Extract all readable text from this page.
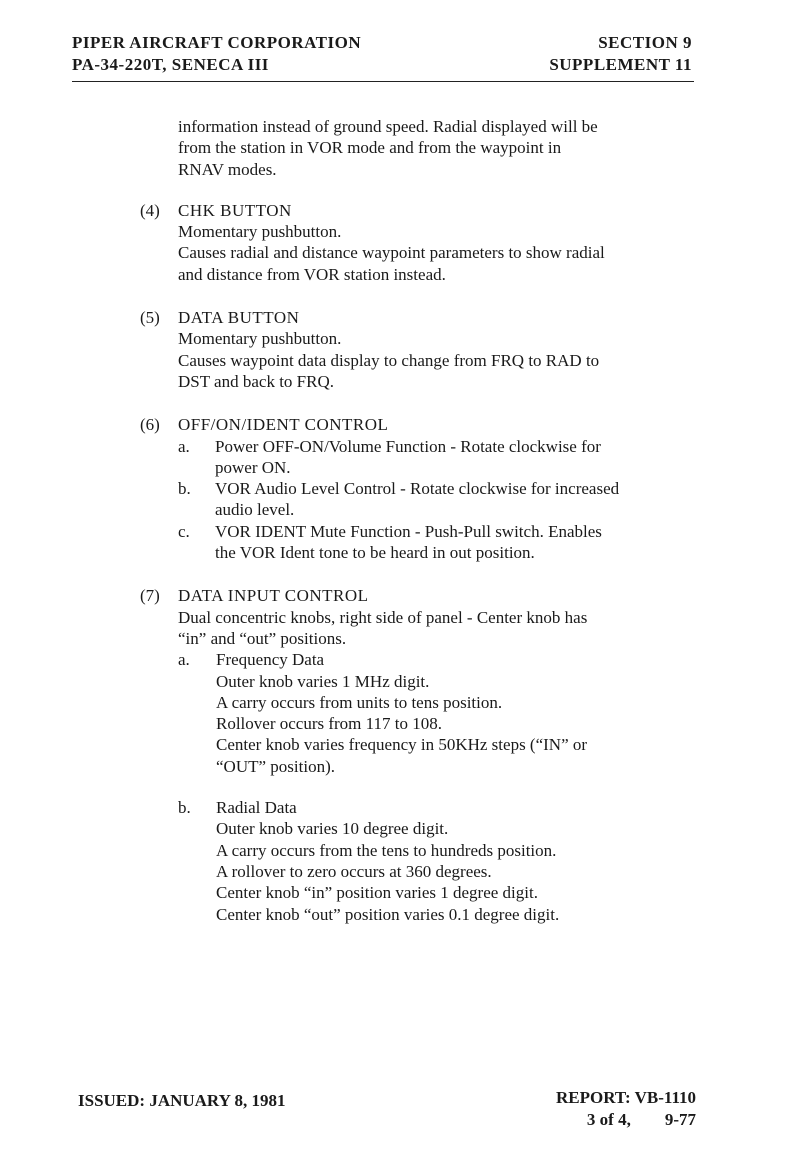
PIPER AIRCRAFT CORPORATION
PA-34-220T, SENECA III
SECTION 9
SUPPLEMENT 11
information instead of ground speed. Radial displayed will be
from the station in VOR mode and from the waypoint in
RNAV modes.
(4) CHK BUTTON
Momentary pushbutton.
Causes radial and distance waypoint parameters to show radial
and distance from VOR station instead.
(5) DATA BUTTON
Momentary pushbutton.
Causes waypoint data display to change from FRQ to RAD to
DST and back to FRQ.
(6) OFF/ON/IDENT CONTROL
a. Power OFF-ON/Volume Function - Rotate clockwise for
power ON.
b. VOR Audio Level Control - Rotate clockwise for increased
audio level.
c. VOR IDENT Mute Function - Push-Pull switch. Enables
the VOR Ident tone to be heard in out position.
(7) DATA INPUT CONTROL
Dual concentric knobs, right side of panel - Center knob has
“in” and “out” positions.
a. Frequency Data
Outer knob varies 1 MHz digit.
A carry occurs from units to tens position.
Rollover occurs from 117 to 108.
Center knob varies frequency in 50KHz steps (“IN” or
“OUT” position).
b. Radial Data
Outer knob varies 10 degree digit.
A carry occurs from the tens to hundreds position.
A rollover to zero occurs at 360 degrees.
Center knob “in” position varies 1 degree digit.
Center knob “out” position varies 0.1 degree digit.
ISSUED: JANUARY 8, 1981	REPORT: VB-1110
3 of 4, 9-77
